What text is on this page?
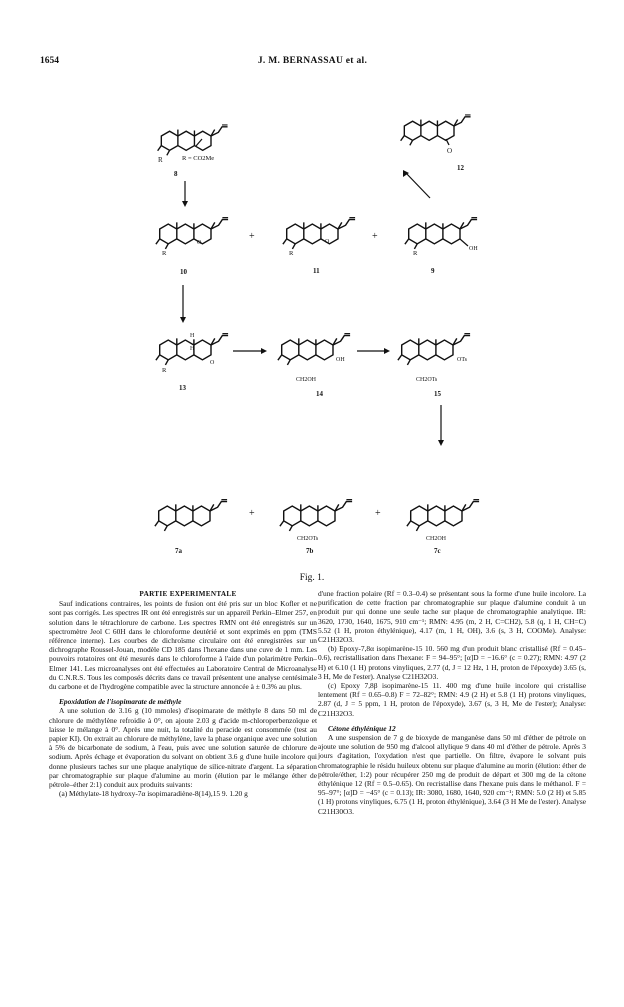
1654	J. M. BERNASSAU et al.
R	R = CO2Me
8
O
12
O
R
10
+	O
R
11
+
OH
R
9
H
H
O
R
13
OH
CH2OH
14
OTs
CH2OTs
15
7a
+
CH2OTs
7b
+
CH2OH
7c
Fig. 1.

PARTIE EXPERIMENTALE

Sauf indications contraires, les points de fusion ont été pris sur un bloc Kofler et ne sont pas corrigés. Les spectres IR ont été enregistrés sur un appareil Perkin–Elmer 257, en solution dans le tétrachlorure de carbone. Les spectres RMN ont été enregistrés sur un spectromètre Jeol C 60H dans le chloroforme deutérié et sont exprimés en ppm (TMS référence interne). Les courbes de dichroïsme circulaire ont été enregistrées sur un dichrographe Roussel-Jouan, modèle CD 185 dans l'hexane dans une cuve de 1 mm. Les pouvoirs rotatoires ont été mesurés dans le chloroforme à l'aide d'un polarimètre Perkin–Elmer 141. Les microanalyses ont été effectuées au Laboratoire Central de Microanalyse du C.N.R.S. Tous les composés décrits dans ce travail présentent une analyse centésimale du carbone et de l'hydrogène compatible avec la structure annoncée à ± 0.3% au plus.

Epoxidation de l'isopimarate de méthyle

A une solution de 3.16 g (10 mmoles) d'isopimarate de méthyle 8 dans 50 ml de chlorure de méthylène refroidie à 0°, on ajoute 2.03 g d'acide m-chloroperbenzoïque et laisse le mélange à 0°. Après une nuit, la totalité du peracide est consommée (test au papier KI). On extrait au chlorure de méthylène, lave la phase organique avec une solution à 5% de bicarbonate de sodium, à l'eau, puis avec une solution saturée de chlorure de sodium. Après échage et évaporation du solvant on obtient 3.6 g d'une huile incolore qui donne plusieurs taches sur une plaque analytique de silice-nitrate d'argent. La séparation par chromatographie sur plaque d'alumine au morin (élution par le mélange éther de pétrole–éther 2:1) conduit aux produits suivants:

(a) Méthylate-18 hydroxy-7α isopimaradiène-8(14),15 9. 1.20 g

d'une fraction polaire (Rf = 0.3–0.4) se présentant sous la forme d'une huile incolore. La purification de cette fraction par chromatographie sur plaque d'alumine conduit à un produit pur qui donne une seule tache sur plaque de chromatographie analytique. IR: 3620, 1730, 1640, 1675, 910 cm⁻¹; RMN: 4.95 (m, 2 H, C=CH2), 5.8 (q, 1 H, CH=C) 5.52 (1 H, proton éthylénique), 4.17 (m, 1 H, OH), 3.6 (s, 3 H, COOMe). Analyse: C21H32O3.

(b) Epoxy-7,8α isopimarène-15 10. 560 mg d'un produit blanc cristallisé (Rf = 0.45–0.6), recristallisation dans l'hexane: F = 94–95°; [α]D = −16.6° (c = 0.27); RMN: 4.97 (2 H) et 6.10 (1 H) protons vinyliques, 2.77 (d, J = 12 Hz, 1 H, proton de l'époxyde) 3.65 (s, 3 H, Me de l'ester). Analyse C21H32O3.

(c) Epoxy 7,8β isopimarène-15 11. 400 mg d'une huile incolore qui cristallise lentement (Rf = 0.65–0.8) F = 72–82°; RMN: 4.9 (2 H) et 5.8 (1 H) protons vinyliques, 2.87 (d, J = 5 ppm, 1 H, proton de l'époxyde), 3.67 (s, 3 H, Me de l'ester); Analyse: C21H32O3.

Cétone éthylénique 12

A une suspension de 7 g de bioxyde de manganèse dans 50 ml d'éther de pétrole on ajoute une solution de 950 mg d'alcool allylique 9 dans 40 ml d'éther de pétrole. Après 3 jours d'agitation, l'oxydation n'est que partielle. On filtre, évapore le solvant puis chromatographie le résidu huileux obtenu sur plaque d'alumine au morin (élution: éther de pétrole/éther, 1:2) pour récupérer 250 mg de produit de départ et 300 mg de la cétone éthylénique 12 (Rf = 0.5–0.65). On recristallise dans l'hexane puis dans le méthanol. F = 95–97°; [α]D = −45° (c = 0.13); IR: 3080, 1680, 1640, 920 cm⁻¹; RMN: 5.0 (2 H) et 5.85 (1 H) protons vinyliques, 6.75 (1 H, proton éthylénique), 3.64 (3 H Me de l'ester). Analyse C21H30O3.
